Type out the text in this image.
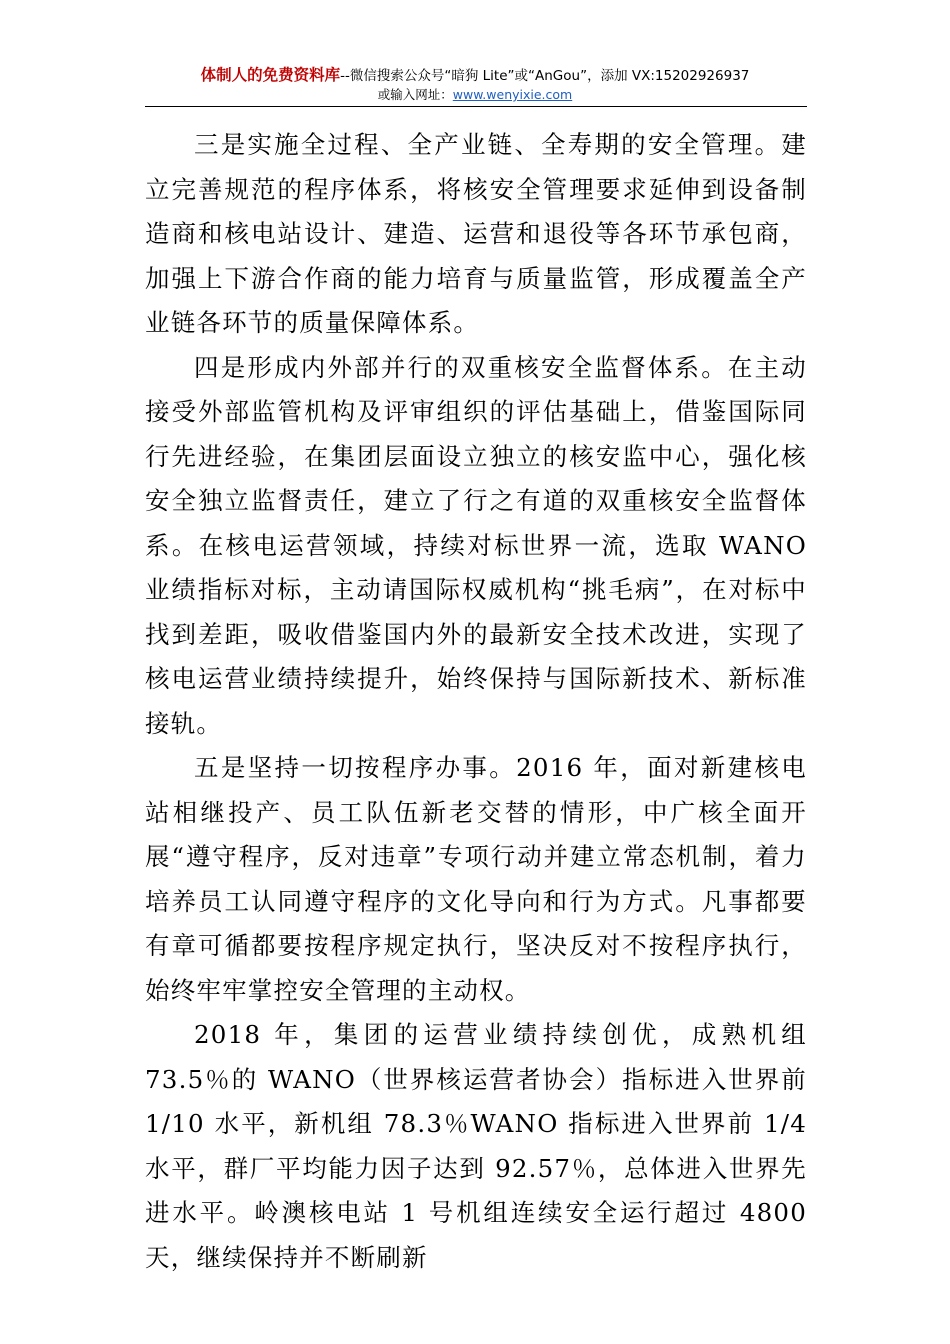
体制人的免费资料库--微信搜索公众号“暗狗 Lite”或“AnGou”，添加 VX:15202926937
或输入网址：www.wenyixie.com

三是实施全过程、全产业链、全寿期的安全管理。建立完善规范的程序体系，将核安全管理要求延伸到设备制造商和核电站设计、建造、运营和退役等各环节承包商，加强上下游合作商的能力培育与质量监管，形成覆盖全产业链各环节的质量保障体系。

四是形成内外部并行的双重核安全监督体系。在主动接受外部监管机构及评审组织的评估基础上，借鉴国际同行先进经验，在集团层面设立独立的核安监中心，强化核安全独立监督责任，建立了行之有道的双重核安全监督体系。在核电运营领域，持续对标世界一流，选取 WANO 业绩指标对标，主动请国际权威机构“挑毛病”，在对标中找到差距，吸收借鉴国内外的最新安全技术改进，实现了核电运营业绩持续提升，始终保持与国际新技术、新标准接轨。

五是坚持一切按程序办事。2016 年，面对新建核电站相继投产、员工队伍新老交替的情形，中广核全面开展“遵守程序，反对违章”专项行动并建立常态机制，着力培养员工认同遵守程序的文化导向和行为方式。凡事都要有章可循都要按程序规定执行，坚决反对不按程序执行，始终牢牢掌控安全管理的主动权。

2018 年，集团的运营业绩持续创优，成熟机组 73.5％的 WANO（世界核运营者协会）指标进入世界前 1/10 水平，新机组 78.3％WANO 指标进入世界前 1/4 水平，群厂平均能力因子达到 92.57％，总体进入世界先进水平。岭澳核电站 1 号机组连续安全运行超过 4800 天，继续保持并不断刷新
